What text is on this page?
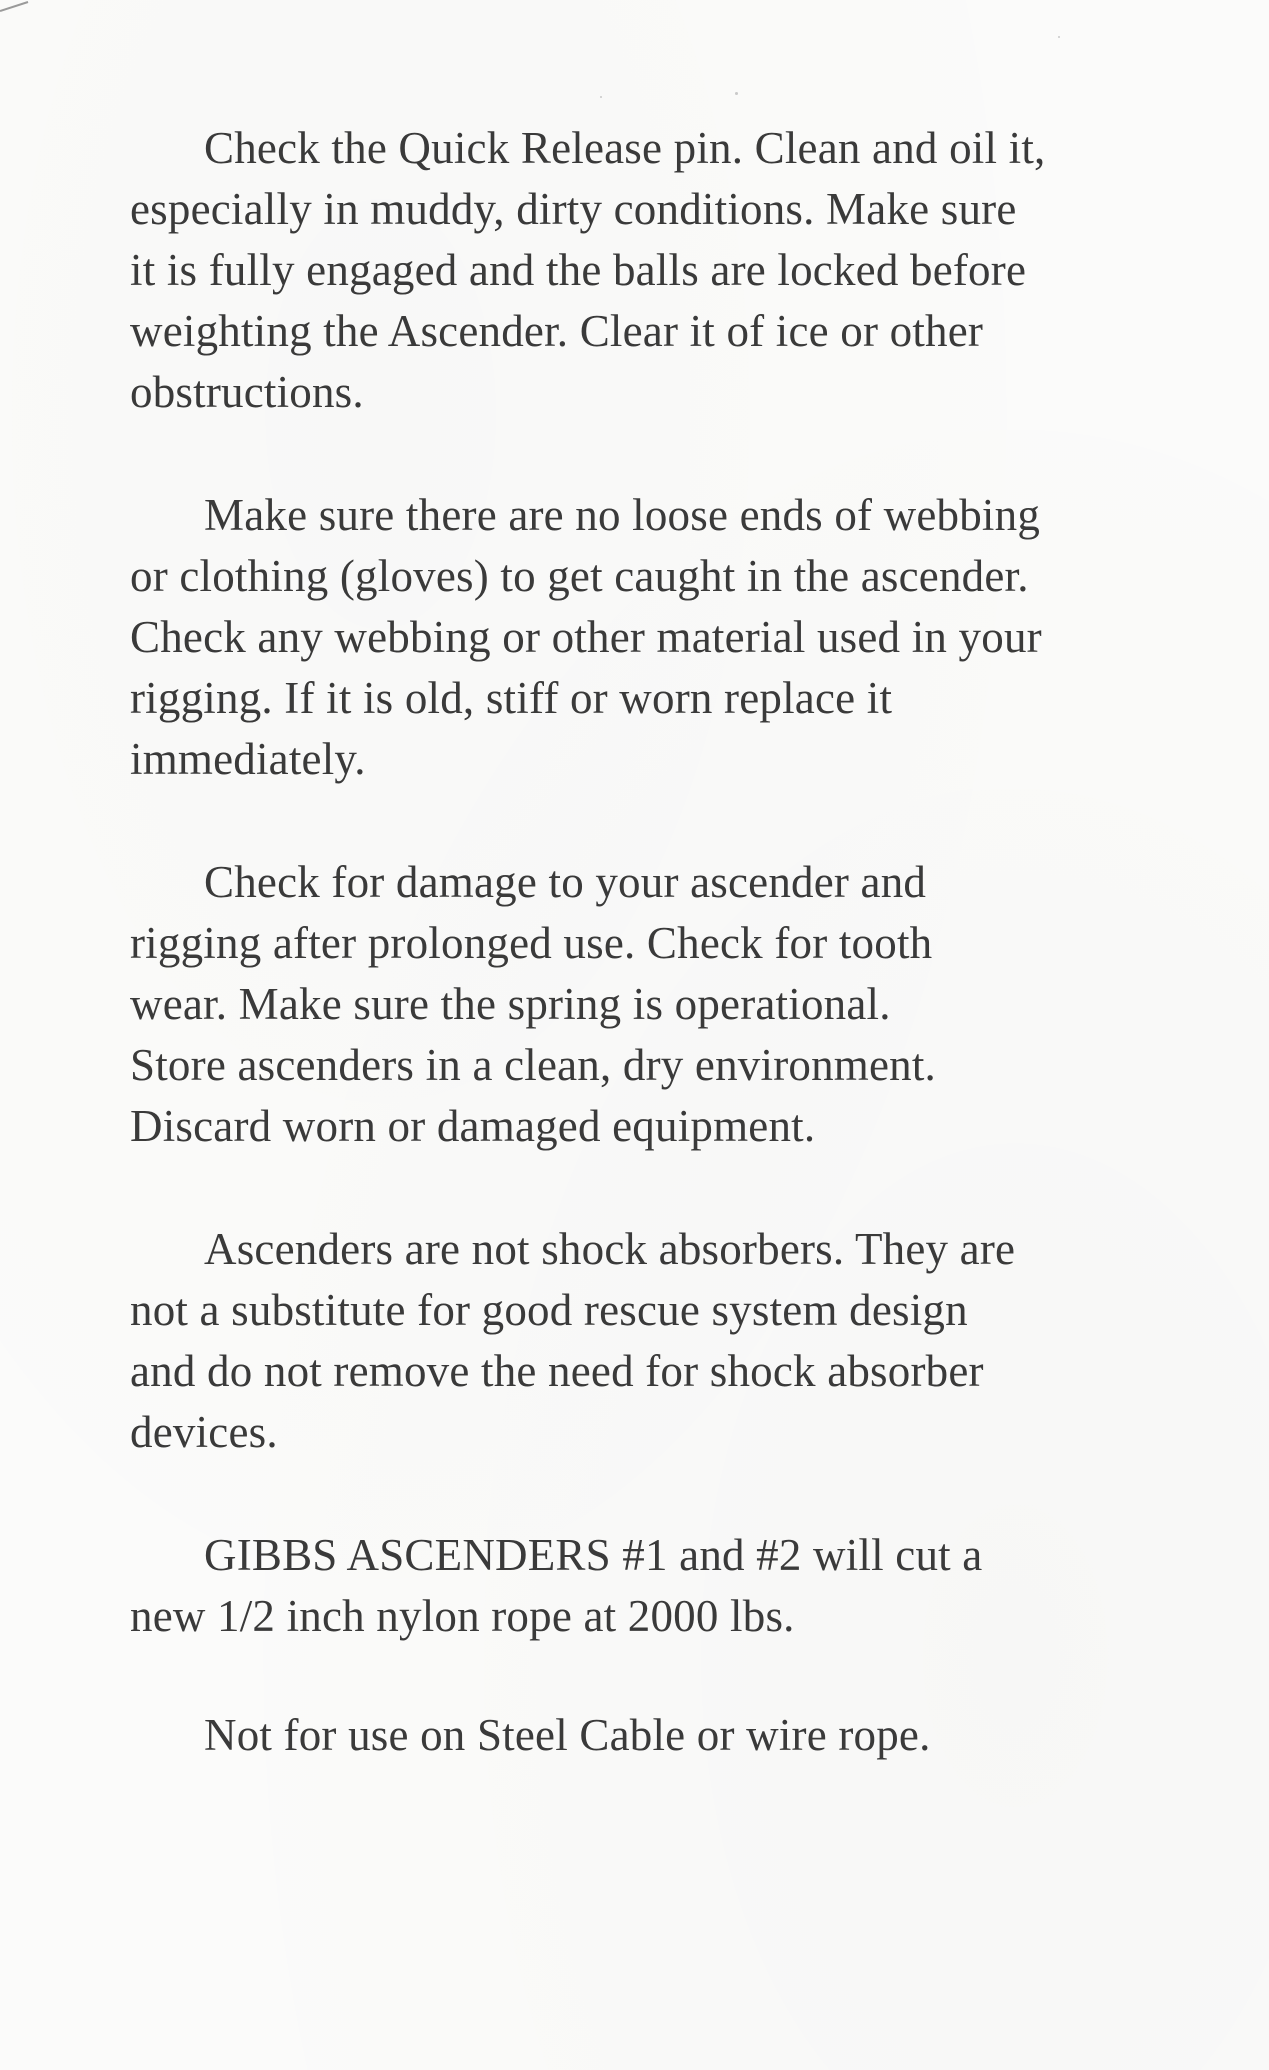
Check the Quick Release pin. Clean and oil it,
especially in muddy, dirty conditions. Make sure
it is fully engaged and the balls are locked before
weighting the Ascender. Clear it of ice or other
obstructions.

Make sure there are no loose ends of webbing
or clothing (gloves) to get caught in the ascender.
Check any webbing or other material used in your
rigging. If it is old, stiff or worn replace it
immediately.

Check for damage to your ascender and
rigging after prolonged use. Check for tooth
wear. Make sure the spring is operational.
Store ascenders in a clean, dry environment.
Discard worn or damaged equipment.

Ascenders are not shock absorbers. They are
not a substitute for good rescue system design
and do not remove the need for shock absorber
devices.

GIBBS ASCENDERS #1 and #2 will cut a
new 1/2 inch nylon rope at 2000 lbs.

Not for use on Steel Cable or wire rope.
